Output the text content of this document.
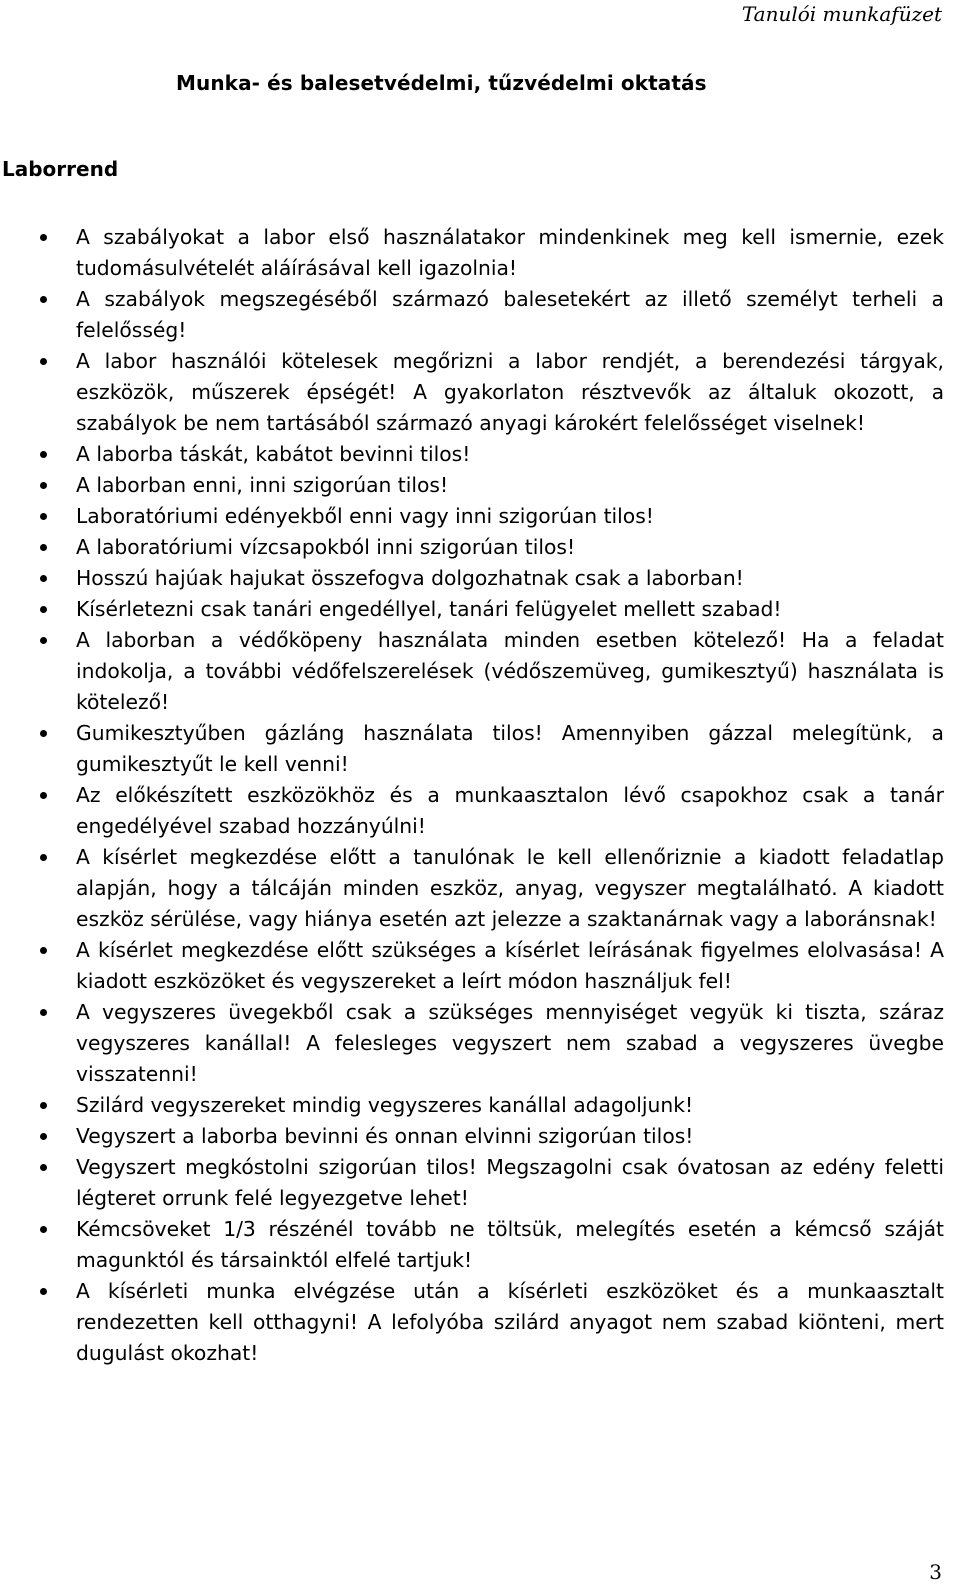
Tanulói munkafüzet
Munka- és balesetvédelmi, tűzvédelmi oktatás
Laborrend
A szabályokat a labor első használatakor mindenkinek meg kell ismernie, ezek tudomásulvételét aláírásával kell igazolnia!
A szabályok megszegéséből származó balesetekért az illető személyt terheli a felelősség!
A labor használói kötelesek megőrizni a labor rendjét, a berendezési tárgyak, eszközök, műszerek épségét! A gyakorlaton résztvevők az általuk okozott, a szabályok be nem tartásából származó anyagi károkért felelősséget viselnek!
A laborba táskát, kabátot bevinni tilos!
A laborban enni, inni szigorúan tilos!
Laboratóriumi edényekből enni vagy inni szigorúan tilos!
A laboratóriumi vízcsapokból inni szigorúan tilos!
Hosszú hajúak hajukat összefogva dolgozhatnak csak a laborban!
Kísérletezni csak tanári engedéllyel, tanári felügyelet mellett szabad!
A laborban a védőköpeny használata minden esetben kötelező! Ha a feladat indokolja, a további védőfelszerelések (védőszemüveg, gumikesztyű) használata is kötelező!
Gumikesztyűben gázláng használata tilos! Amennyiben gázzal melegítünk, a gumikesztyűt le kell venni!
Az előkészített eszközökhöz és a munkaasztalon lévő csapokhoz csak a tanár engedélyével szabad hozzányúlni!
A kísérlet megkezdése előtt a tanulónak le kell ellenőriznie a kiadott feladatlap alapján, hogy a tálcáján minden eszköz, anyag, vegyszer megtalálható. A kiadott eszköz sérülése, vagy hiánya esetén azt jelezze a szaktanárnak vagy a laboránsnak!
A kísérlet megkezdése előtt szükséges a kísérlet leírásának figyelmes elolvasása! A kiadott eszközöket és vegyszereket a leírt módon használjuk fel!
A vegyszeres üvegekből csak a szükséges mennyiséget vegyük ki tiszta, száraz vegyszeres kanállal! A felesleges vegyszert nem szabad a vegyszeres üvegbe visszatenni!
Szilárd vegyszereket mindig vegyszeres kanállal adagoljunk!
Vegyszert a laborba bevinni és onnan elvinni szigorúan tilos!
Vegyszert megkóstolni szigorúan tilos! Megszagolni csak óvatosan az edény feletti légteret orrunk felé legyezgetve lehet!
Kémcsöveket 1/3 részénél tovább ne töltsük, melegítés esetén a kémcső száját magunktól és társainktól elfelé tartjuk!
A kísérleti munka elvégzése után a kísérleti eszközöket és a munkaasztalt rendezetten kell otthagyni! A lefolyóba szilárd anyagot nem szabad kiönteni, mert dugulást okozhat!
3
